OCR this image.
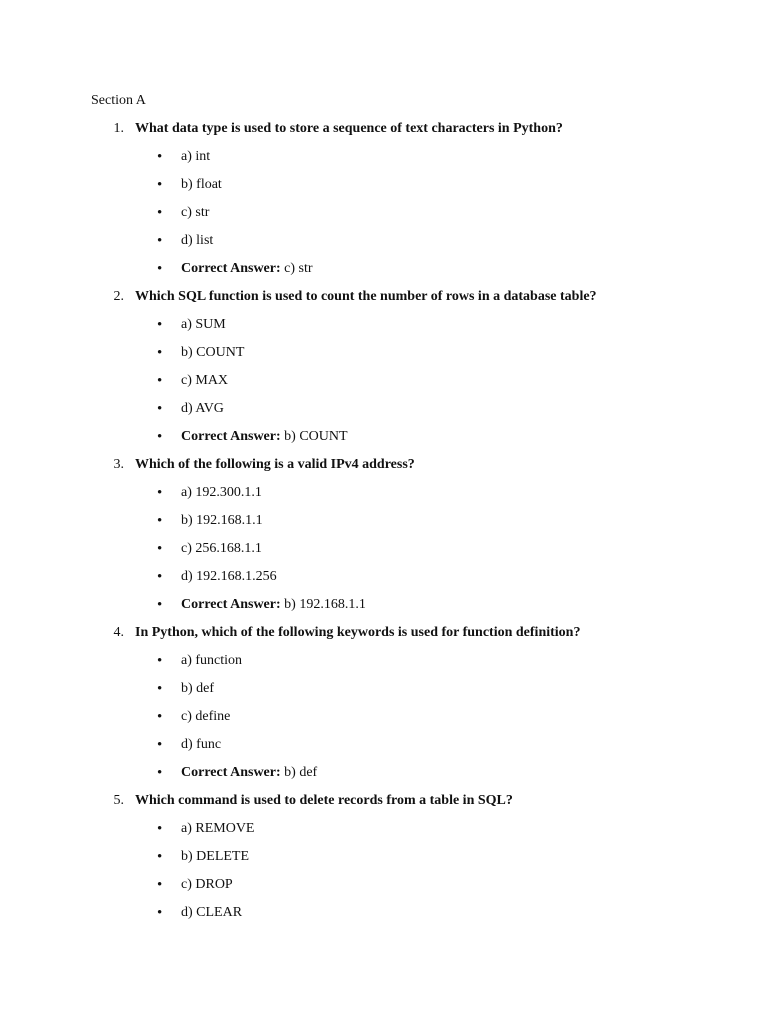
Section A
1. What data type is used to store a sequence of text characters in Python?
• a) int
• b) float
• c) str
• d) list
• Correct Answer: c) str
2. Which SQL function is used to count the number of rows in a database table?
• a) SUM
• b) COUNT
• c) MAX
• d) AVG
• Correct Answer: b) COUNT
3. Which of the following is a valid IPv4 address?
• a) 192.300.1.1
• b) 192.168.1.1
• c) 256.168.1.1
• d) 192.168.1.256
• Correct Answer: b) 192.168.1.1
4. In Python, which of the following keywords is used for function definition?
• a) function
• b) def
• c) define
• d) func
• Correct Answer: b) def
5. Which command is used to delete records from a table in SQL?
• a) REMOVE
• b) DELETE
• c) DROP
• d) CLEAR
